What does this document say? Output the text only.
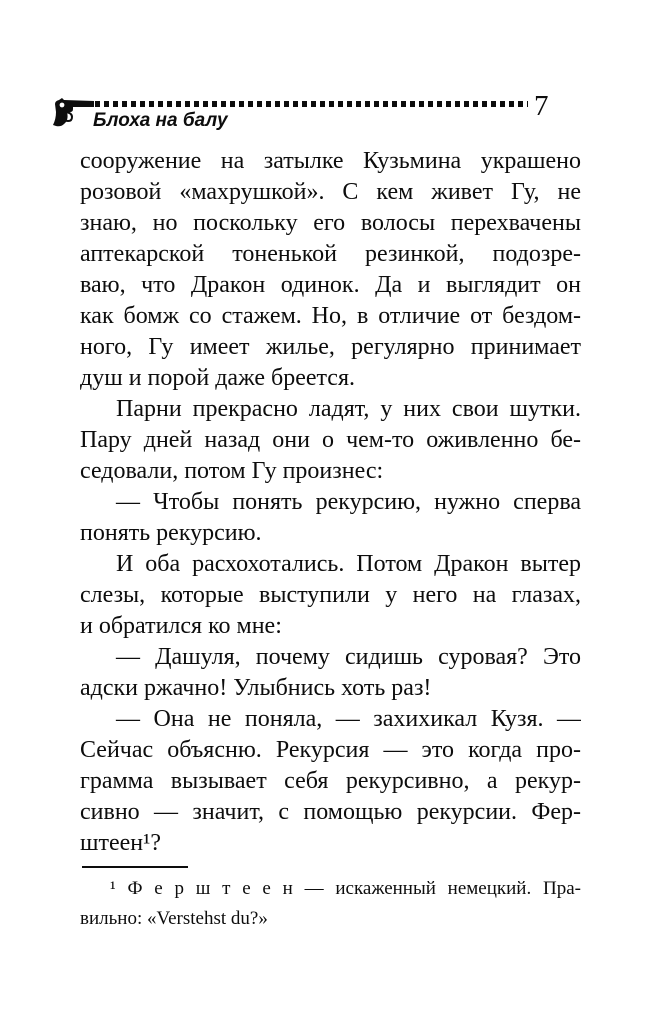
Блоха на балу	7

сооружение на затылке Кузьмина украшено
розовой «махрушкой». С кем живет Гу, не
знаю, но поскольку его волосы перехвачены
аптекарской тоненькой резинкой, подозре-
ваю, что Дракон одинок. Да и выглядит он
как бомж со стажем. Но, в отличие от бездом-
ного, Гу имеет жилье, регулярно принимает
душ и порой даже бреется.

Парни прекрасно ладят, у них свои шутки.
Пару дней назад они о чем-то оживленно бе-
седовали, потом Гу произнес:

— Чтобы понять рекурсию, нужно сперва
понять рекурсию.

И оба расхохотались. Потом Дракон вытер
слезы, которые выступили у него на глазах,
и обратился ко мне:

— Дашуля, почему сидишь суровая? Это
адски ржачно! Улыбнись хоть раз!

— Она не поняла, — захихикал Кузя. —
Сейчас объясню. Рекурсия — это когда про-
грамма вызывает себя рекурсивно, а рекур-
сивно — значит, с помощью рекурсии. Фер-
штеен¹?

¹ Ф е р ш т е е н — искаженный немецкий. Пра-
вильно: «Verstehst du?»
